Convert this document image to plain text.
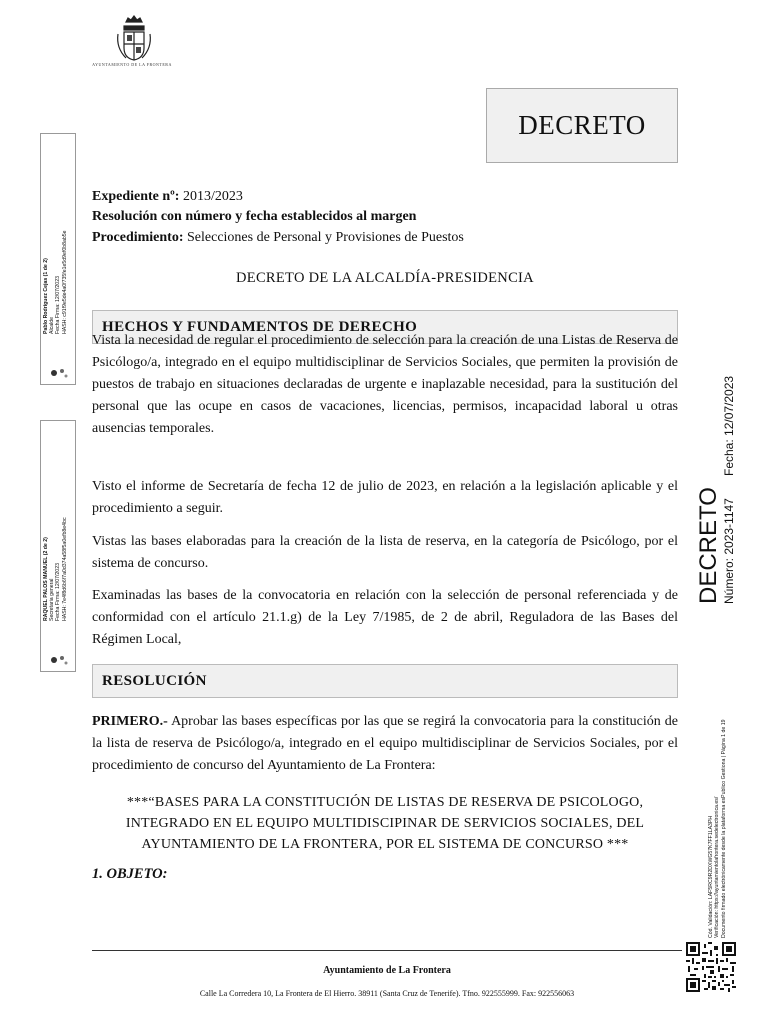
AYUNTAMIENTO DE LA FRONTERA
DECRETO
Expediente nº: 2013/2023
Resolución con número y fecha establecidos al margen
Procedimiento: Selecciones de Personal y Provisiones de Puestos
DECRETO DE LA ALCALDÍA-PRESIDENCIA
HECHOS Y FUNDAMENTOS DE DERECHO
Vista la necesidad de regular el procedimiento de selección para la creación de una Listas de Reserva de Psicólogo/a, integrado en el equipo multidisciplinar de Servicios Sociales, que permiten la provisión de puestos de trabajo en situaciones declaradas de urgente e inaplazable necesidad, para la sustitución del personal que las ocupe en casos de vacaciones, licencias, permisos, incapacidad laboral u otras ausencias temporales.
Visto el informe de Secretaría de fecha 12 de julio de 2023, en relación a la legislación aplicable y el procedimiento a seguir.
Vistas las bases elaboradas para la creación de la lista de reserva, en la categoría de Psicólogo, por el sistema de concurso.
Examinadas las bases de la convocatoria en relación con la selección de personal referenciada y de conformidad con el artículo 21.1.g) de la Ley 7/1985, de 2 de abril, Reguladora de las Bases del Régimen Local,
RESOLUCIÓN
PRIMERO.- Aprobar las bases específicas por las que se regirá la convocatoria para la constitución de la lista de reserva de Psicólogo/a, integrado en el equipo multidisciplinar de Servicios Sociales, por el procedimiento de concurso del Ayuntamiento de La Frontera:
***“BASES PARA LA CONSTITUCIÓN DE LISTAS DE RESERVA DE PSICOLOGO,
INTEGRADO EN EL EQUIPO MULTIDISCIPINAR DE SERVICIOS SOCIALES, DEL
AYUNTAMIENTO DE LA FRONTERA, POR EL SISTEMA DE CONCURSO ***
1. OBJETO:
Ayuntamiento de La Frontera
Calle La Corredera 10, La Frontera de El Hierro. 38911 (Santa Cruz de Tenerife). Tfno. 922555999. Fax: 922556063
Pablo Rodríguez Cejas (1 de 2) Alcalde Fecha Firma: 12/07/2023 HASH: c91f9e5de4a0f735fe1e5d9ef0b8ab5e
RAQUEL PALOS MANUEL (2 de 2) Secretaria general Fecha Firma: 12/07/2023 HASH: 7e4f8d6b6f7a0d374a58f5a0efb8e4bc	DECRETO Número: 2023-1147
Fecha: 12/07/2023
Cód. Validación: LAF5RC9R2DXWG57K7FF1LA3PH Verificación: https://ayuntamientolafrontera.sedelectronica.es/ Documento firmado electrónicamente desde la plataforma esPublico Gestiona | Página 1 de 19
